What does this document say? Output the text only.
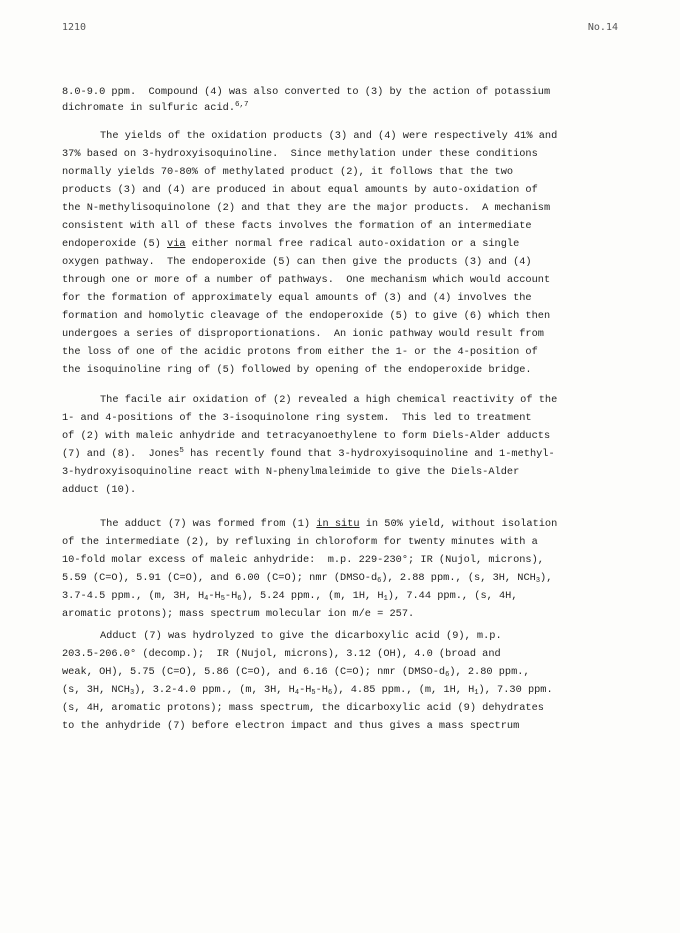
1210	No.14
8.0-9.0 ppm.  Compound (4) was also converted to (3) by the action of potassium
dichromate in sulfuric acid.$^{6,7}$
The yields of the oxidation products (3) and (4) were respectively 41% and
37% based on 3-hydroxyisoquinoline.  Since methylation under these conditions
normally yields 70-80% of methylated product (2), it follows that the two
products (3) and (4) are produced in about equal amounts by auto-oxidation of
the N-methylisoquinolone (2) and that they are the major products.  A mechanism
consistent with all of these facts involves the formation of an intermediate
endoperoxide (5) via either normal free radical auto-oxidation or a single
oxygen pathway.  The endoperoxide (5) can then give the products (3) and (4)
through one or more of a number of pathways.  One mechanism which would account
for the formation of approximately equal amounts of (3) and (4) involves the
formation and homolytic cleavage of the endoperoxide (5) to give (6) which then
undergoes a series of disproportionations.  An ionic pathway would result from
the loss of one of the acidic protons from either the 1- or the 4-position of
the isoquinoline ring of (5) followed by opening of the endoperoxide bridge.
The facile air oxidation of (2) revealed a high chemical reactivity of the
1- and 4-positions of the 3-isoquinolone ring system.  This led to treatment
of (2) with maleic anhydride and tetracyanoethylene to form Diels-Alder adducts
(7) and (8).  Jones$^5$ has recently found that 3-hydroxyisoquinoline and 1-methyl-
3-hydroxyisoquinoline react with N-phenylmaleimide to give the Diels-Alder
adduct (10).
The adduct (7) was formed from (1) in situ in 50% yield, without isolation
of the intermediate (2), by refluxing in chloroform for twenty minutes with a
10-fold molar excess of maleic anhydride:  m.p. 229-230°; IR (Nujol, microns),
5.59 (C=O), 5.91 (C=O), and 6.00 (C=O); nmr $(DMSO-d_6)$, 2.88 ppm., (s, 3H, $NCH_3$),
3.7-4.5 ppm., (m, 3H, $H_4-H_5-H_6$), 5.24 ppm., (m, 1H, $H_1$), 7.44 ppm., (s, 4H,
aromatic protons); mass spectrum molecular ion m/e = 257.
Adduct (7) was hydrolyzed to give the dicarboxylic acid (9), m.p.
203.5-206.0° (decomp.);  IR (Nujol, microns), 3.12 (OH), 4.0 (broad and
weak, OH), 5.75 (C=O), 5.86 (C=O), and 6.16 (C=O); nmr $(DMSO-d_6)$, 2.80 ppm.,
(s, 3H, $NCH_3$), 3.2-4.0 ppm., (m, 3H, $H_4-H_5-H_6$), 4.85 ppm., (m, 1H, $H_1$), 7.30 ppm.
(s, 4H, aromatic protons); mass spectrum, the dicarboxylic acid (9) dehydrates
to the anhydride (7) before electron impact and thus gives a mass spectrum
